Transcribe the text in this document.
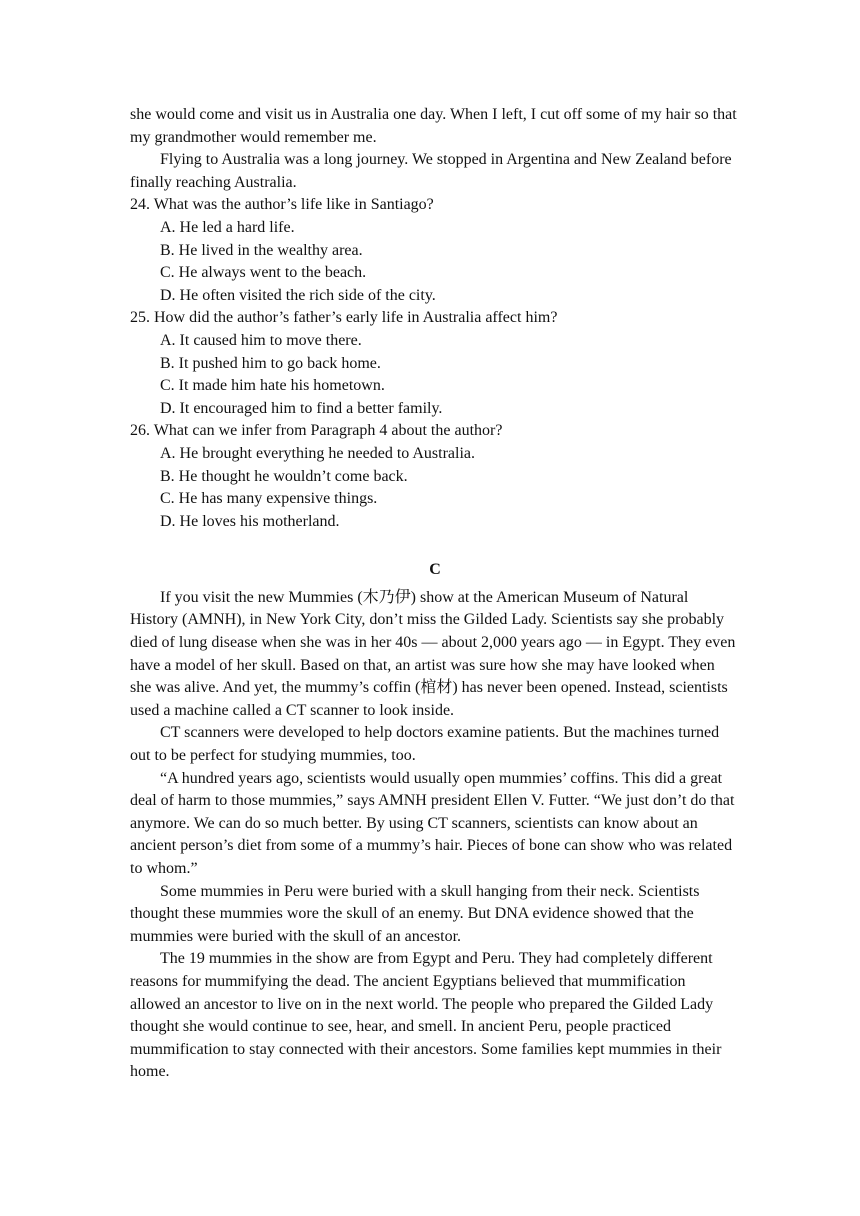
she would come and visit us in Australia one day. When I left, I cut off some of my hair so that my grandmother would remember me.

Flying to Australia was a long journey. We stopped in Argentina and New Zealand before finally reaching Australia.

24. What was the author’s life like in Santiago?

A. He led a hard life.

B. He lived in the wealthy area.

C. He always went to the beach.

D. He often visited the rich side of the city.

25. How did the author’s father’s early life in Australia affect him?

A. It caused him to move there.

B. It pushed him to go back home.

C. It made him hate his hometown.

D. It encouraged him to find a better family.

26. What can we infer from Paragraph 4 about the author?

A. He brought everything he needed to Australia.

B. He thought he wouldn’t come back.

C. He has many expensive things.

D. He loves his motherland.

C

If you visit the new Mummies (木乃伊) show at the American Museum of Natural History (AMNH), in New York City, don’t miss the Gilded Lady. Scientists say she probably died of lung disease when she was in her 40s — about 2,000 years ago — in Egypt. They even have a model of her skull. Based on that, an artist was sure how she may have looked when she was alive. And yet, the mummy’s coffin (棺材) has never been opened. Instead, scientists used a machine called a CT scanner to look inside.

CT scanners were developed to help doctors examine patients. But the machines turned out to be perfect for studying mummies, too.

“A hundred years ago, scientists would usually open mummies’ coffins. This did a great deal of harm to those mummies,” says AMNH president Ellen V. Futter. “We just don’t do that anymore. We can do so much better. By using CT scanners, scientists can know about an ancient person’s diet from some of a mummy’s hair. Pieces of bone can show who was related to whom.”

Some mummies in Peru were buried with a skull hanging from their neck. Scientists thought these mummies wore the skull of an enemy. But DNA evidence showed that the mummies were buried with the skull of an ancestor.

The 19 mummies in the show are from Egypt and Peru. They had completely different reasons for mummifying the dead. The ancient Egyptians believed that mummification allowed an ancestor to live on in the next world. The people who prepared the Gilded Lady thought she would continue to see, hear, and smell. In ancient Peru, people practiced mummification to stay connected with their ancestors. Some families kept mummies in their home.
